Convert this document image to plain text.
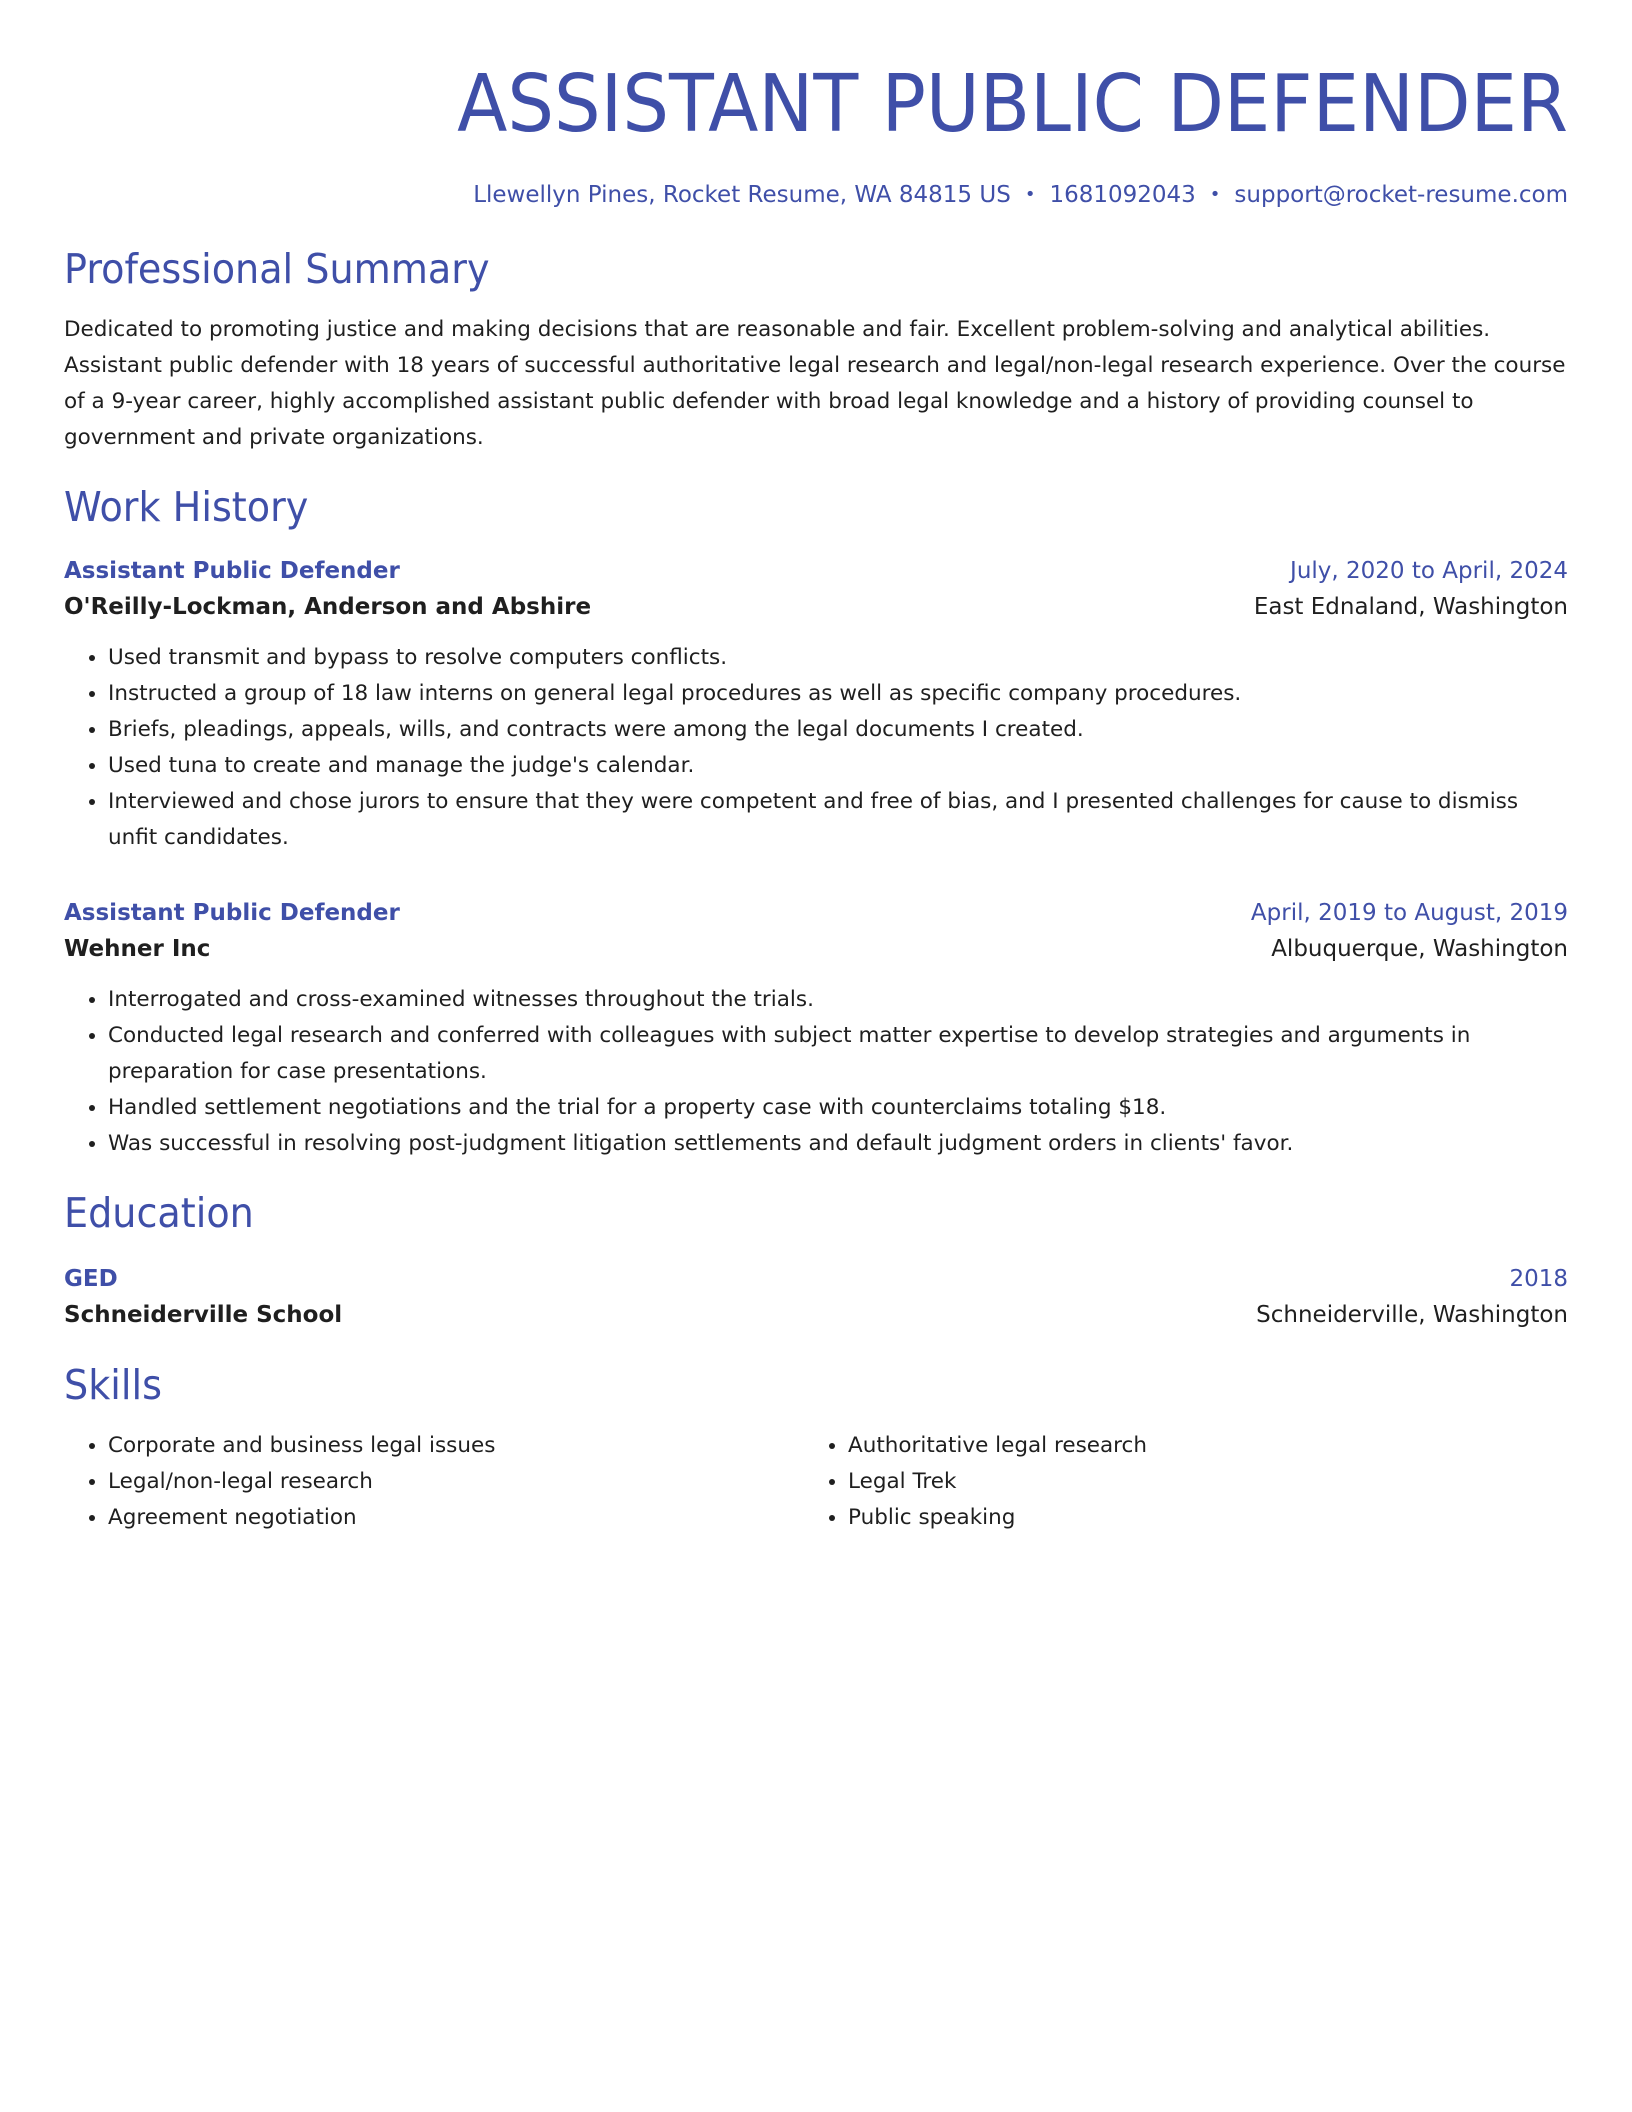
ASSISTANT PUBLIC DEFENDER
Llewellyn Pines, Rocket Resume, WA 84815 US • 1681092043 • support@rocket-resume.com
Professional Summary

Dedicated to promoting justice and making decisions that are reasonable and fair. Excellent problem-solving and analytical abilities. Assistant public defender with 18 years of successful authoritative legal research and legal/non-legal research experience. Over the course of a 9-year career, highly accomplished assistant public defender with broad legal knowledge and a history of providing counsel to government and private organizations.

Work History
Assistant Public Defender	July, 2020 to April, 2024
O'Reilly-Lockman, Anderson and Abshire	East Ednaland, Washington
• Used transmit and bypass to resolve computers conflicts.
• Instructed a group of 18 law interns on general legal procedures as well as specific company procedures.
• Briefs, pleadings, appeals, wills, and contracts were among the legal documents I created.
• Used tuna to create and manage the judge's calendar.
• Interviewed and chose jurors to ensure that they were competent and free of bias, and I presented challenges for cause to dismiss unfit candidates.
Assistant Public Defender	April, 2019 to August, 2019
Wehner Inc	Albuquerque, Washington
• Interrogated and cross-examined witnesses throughout the trials.
• Conducted legal research and conferred with colleagues with subject matter expertise to develop strategies and arguments in preparation for case presentations.
• Handled settlement negotiations and the trial for a property case with counterclaims totaling $18.
• Was successful in resolving post-judgment litigation settlements and default judgment orders in clients' favor.
Education
GED	2018
Schneiderville School	Schneiderville, Washington
Skills
• Corporate and business legal issues
• Legal/non-legal research
• Agreement negotiation
• Authoritative legal research
• Legal Trek
• Public speaking
